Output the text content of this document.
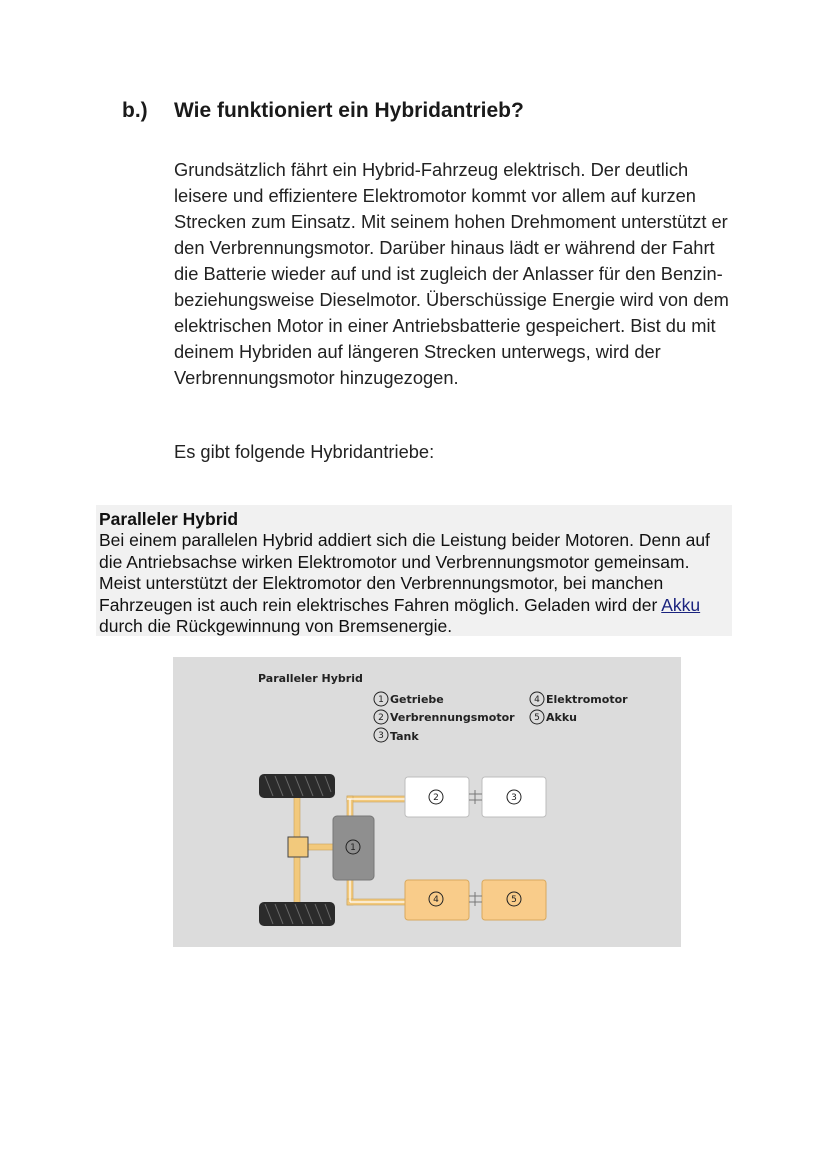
b.) Wie funktioniert ein Hybridantrieb?

Grundsätzlich fährt ein Hybrid-Fahrzeug elektrisch. Der deutlich leisere und effizientere Elektromotor kommt vor allem auf kurzen Strecken zum Einsatz. Mit seinem hohen Drehmoment unterstützt er den Verbrennungsmotor. Darüber hinaus lädt er während der Fahrt die Batterie wieder auf und ist zugleich der Anlasser für den Benzin- beziehungsweise Dieselmotor. Überschüssige Energie wird von dem elektrischen Motor in einer Antriebsbatterie gespeichert. Bist du mit deinem Hybriden auf längeren Strecken unterwegs, wird der Verbrennungsmotor hinzugezogen.

Es gibt folgende Hybridantriebe:
Paralleler Hybrid
Bei einem parallelen Hybrid addiert sich die Leistung beider Motoren. Denn auf die Antriebsachse wirken Elektromotor und Verbrennungsmotor gemeinsam. Meist unterstützt der Elektromotor den Verbrennungsmotor, bei manchen Fahrzeugen ist auch rein elektrisches Fahren möglich. Geladen wird der Akku durch die Rückgewinnung von Bremsenergie.
Paralleler Hybrid
1 Getriebe
2 Verbrennungsmotor
3 Tank
4 Elektromotor
5 Akku
1
2	3
4	5
